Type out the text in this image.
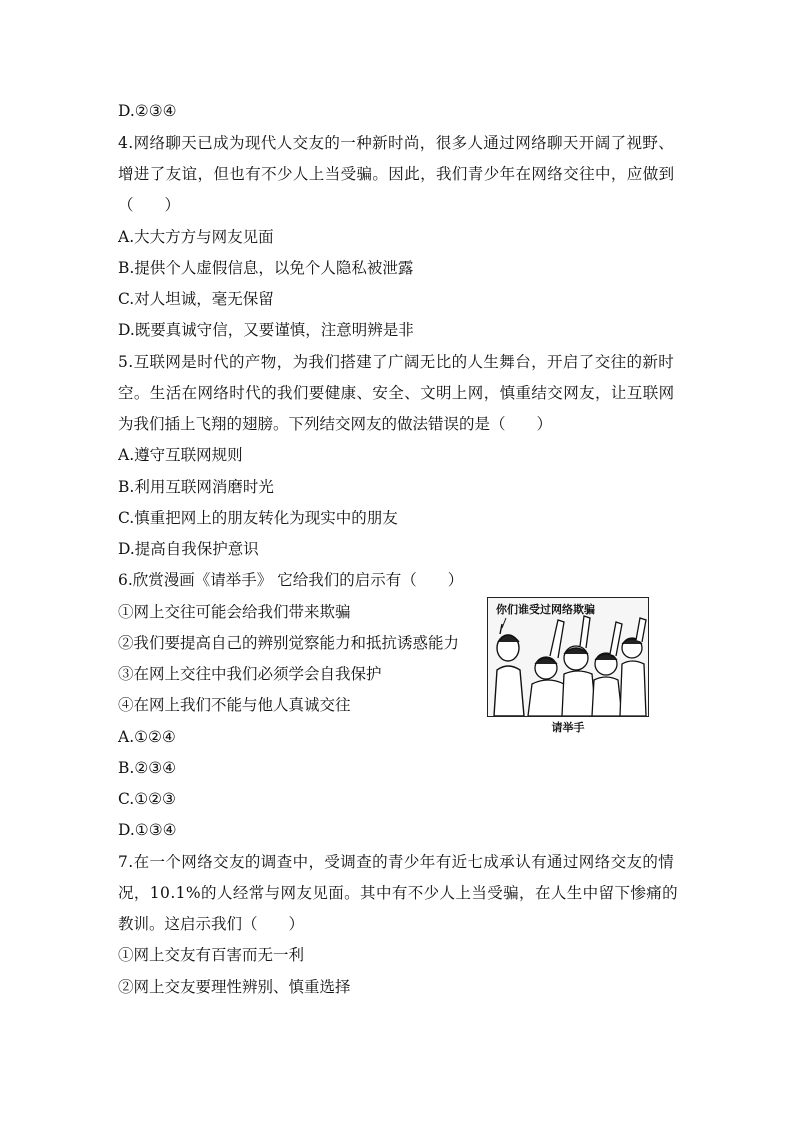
D.②③④
4.网络聊天已成为现代人交友的一种新时尚，很多人通过网络聊天开阔了视野、
增进了友谊，但也有不少人上当受骗。因此，我们青少年在网络交往中，应做到
（　　）
A.大大方方与网友见面
B.提供个人虚假信息，以免个人隐私被泄露
C.对人坦诚，毫无保留
D.既要真诚守信，又要谨慎，注意明辨是非
5.互联网是时代的产物，为我们搭建了广阔无比的人生舞台，开启了交往的新时
空。生活在网络时代的我们要健康、安全、文明上网，慎重结交网友，让互联网
为我们插上飞翔的翅膀。下列结交网友的做法错误的是（　　）
A.遵守互联网规则
B.利用互联网消磨时光
C.慎重把网上的朋友转化为现实中的朋友
D.提高自我保护意识
6.欣赏漫画《请举手》 它给我们的启示有（　　）
①网上交往可能会给我们带来欺骗
②我们要提高自己的辨别觉察能力和抵抗诱惑能力
③在网上交往中我们必须学会自我保护
④在网上我们不能与他人真诚交往
A.①②④
B.②③④
C.①②③
D.①③④
7.在一个网络交友的调查中，受调查的青少年有近七成承认有通过网络交友的情
况，10.1%的人经常与网友见面。其中有不少人上当受骗，在人生中留下惨痛的
教训。这启示我们（　　）
①网上交友有百害而无一利
②网上交友要理性辨别、慎重选择
你们谁受过网络欺骗
请举手
